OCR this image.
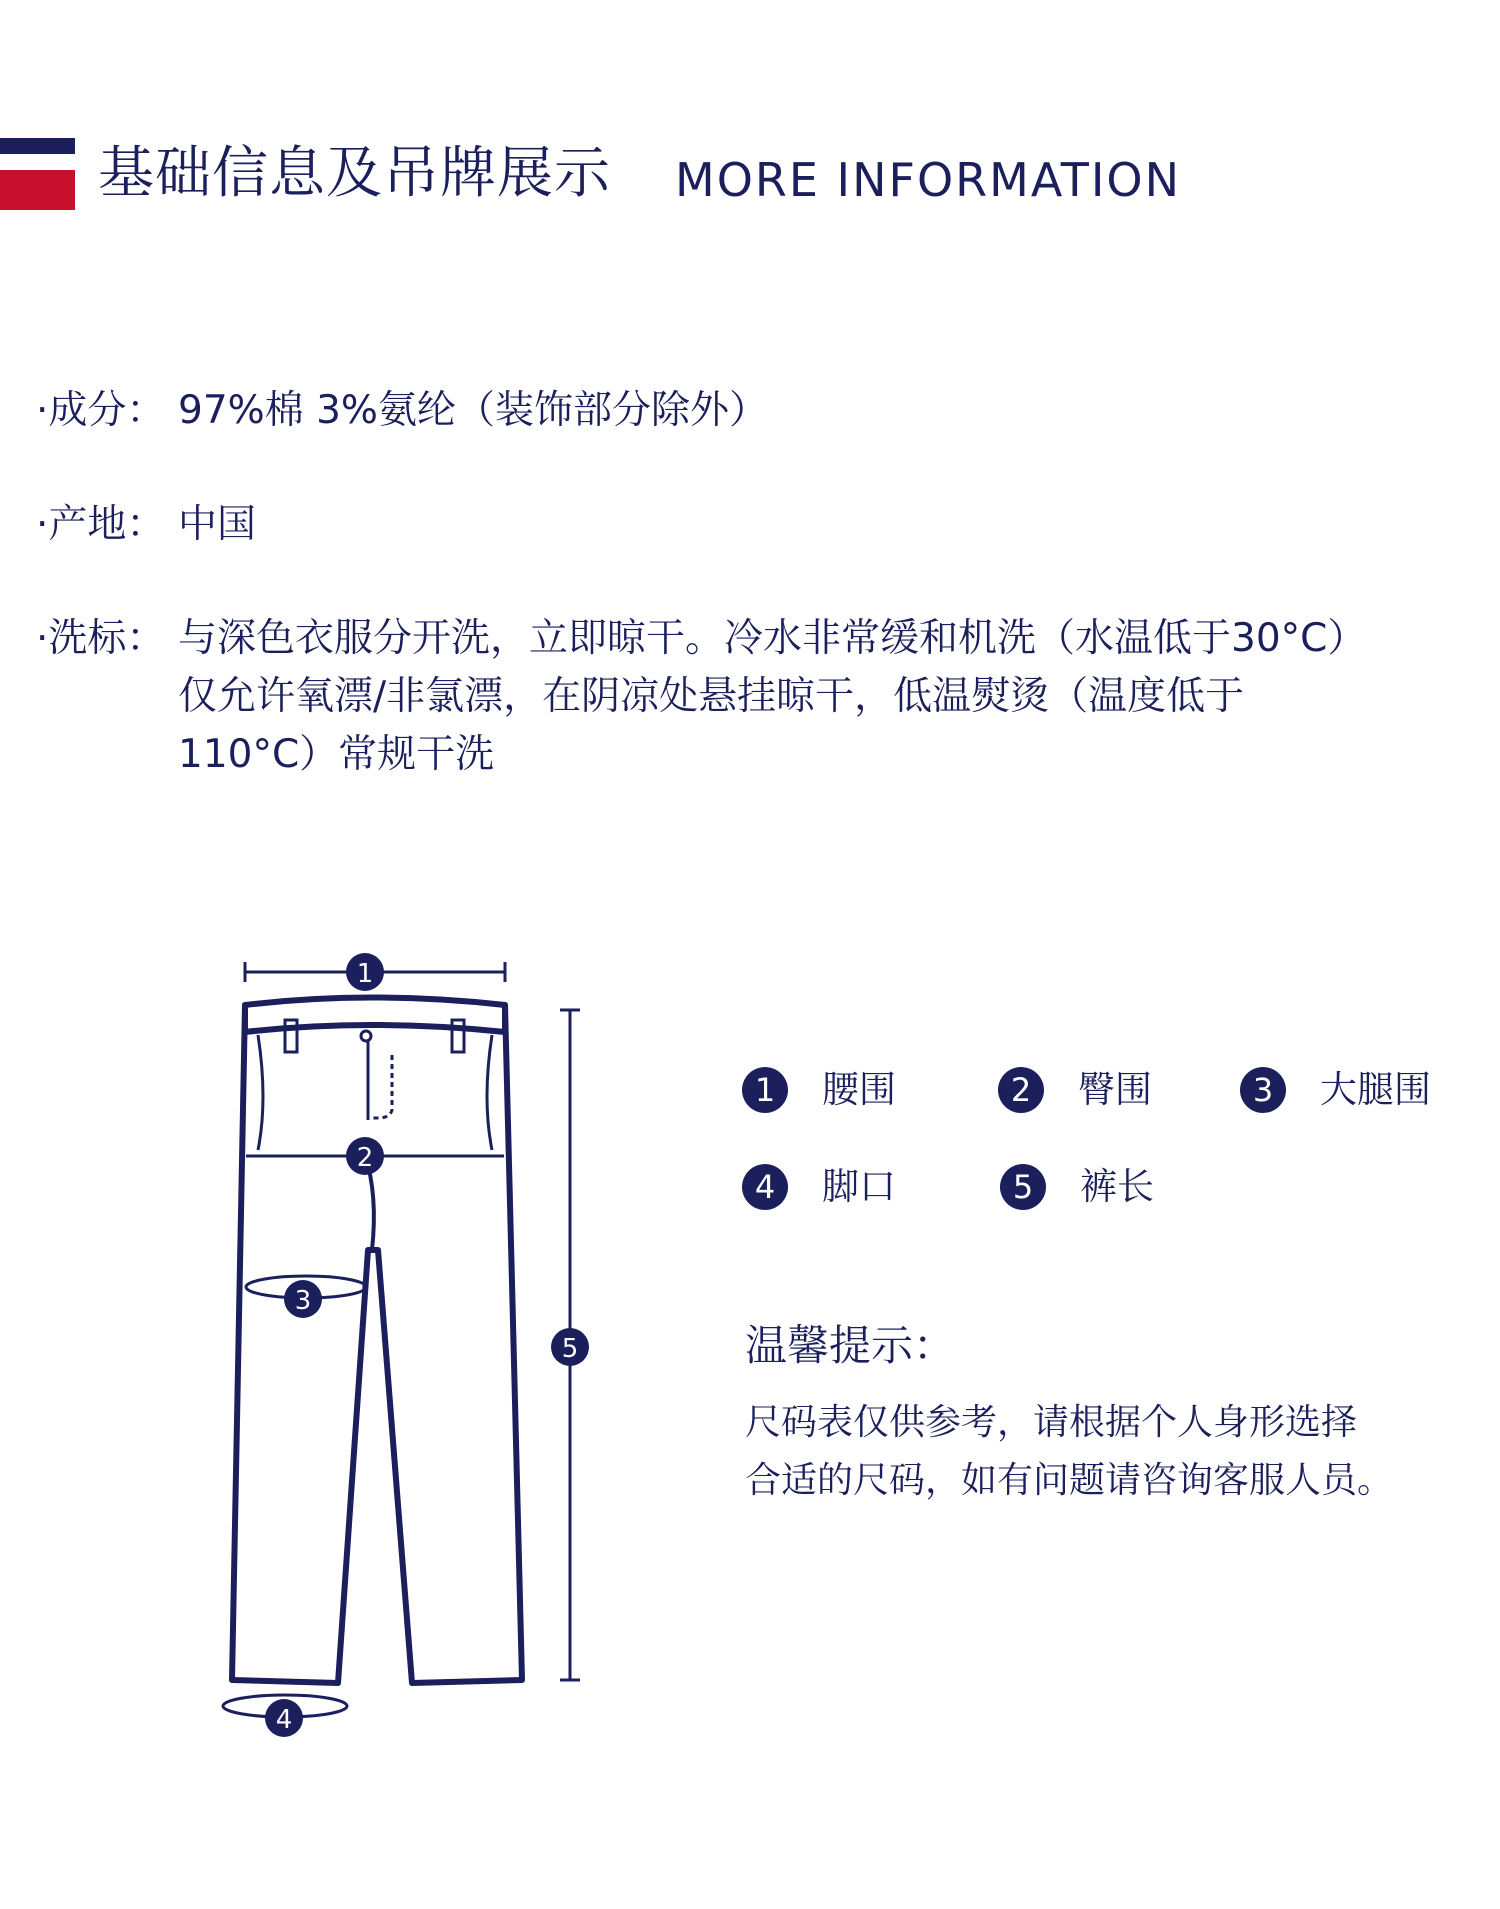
基础信息及吊牌展示 MORE INFORMATION
·成分： 97%棉 3%氨纶（装饰部分除外）
·产地： 中国
·洗标： 与深色衣服分开洗，立即晾干。冷水非常缓和机洗（水温低于30°C）
仅允许氧漂/非氯漂，在阴凉处悬挂晾干，低温熨烫（温度低于
110°C）常规干洗
1
2
3
4
5
1	腰围	2	臀围	3	大腿围
4	脚口	5	裤长
温馨提示：
尺码表仅供参考，请根据个人身形选择
合适的尺码，如有问题请咨询客服人员。
